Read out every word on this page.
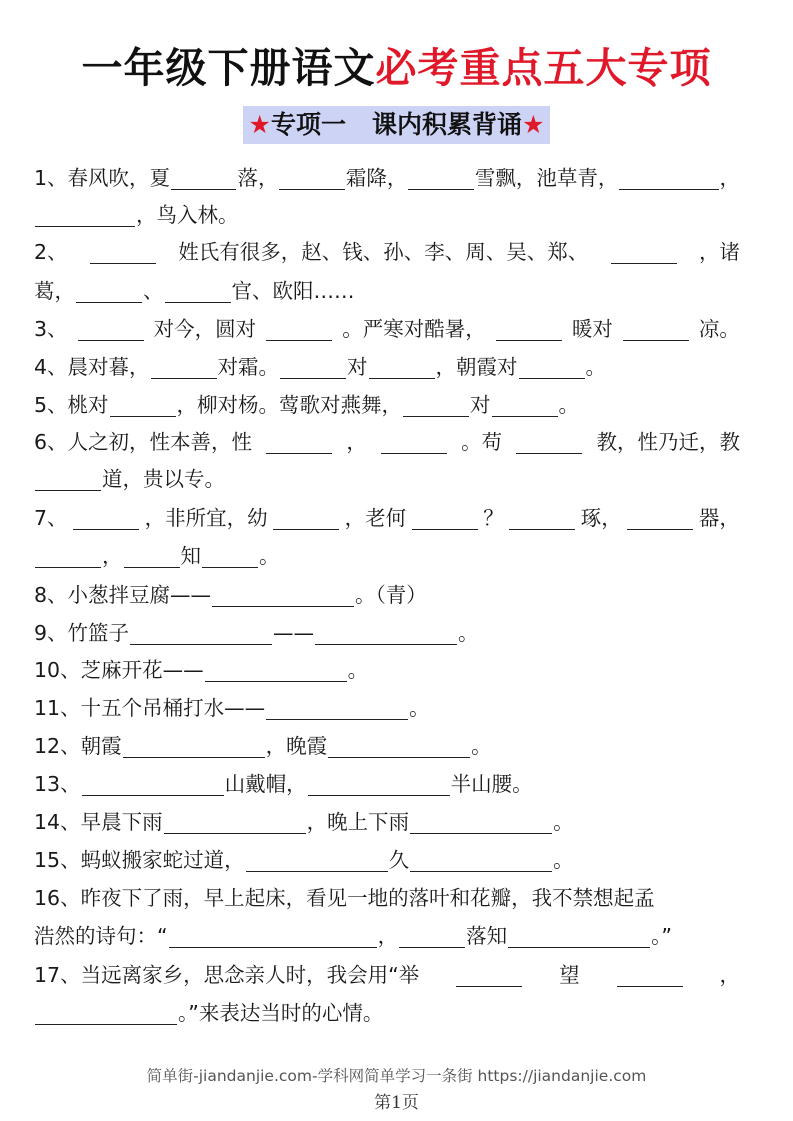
一年级下册语文必考重点五大专项
★专项一   课内积累背诵★
1、春风吹，夏	落，	霜降，	雪飘，池草青，	，
，鸟入林。
2、	姓氏有很多，赵、钱、孙、李、周、吴、郑、	，诸
葛，	、	官、欧阳……
3、	对今，圆对	。严寒对酷暑，	暖对	凉。
4、晨对暮，	对霜。	对	，朝霞对	。
5、桃对	，柳对杨。莺歌对燕舞，	对	。
6、人之初，性本善，性	，	。苟	教，性乃迁，教
道，贵以专。
7、	，非所宜，幼	，老何	？	琢，	器，
，	知	。
8、小葱拌豆腐——	。（青）
9、竹篮子	——	。
10、芝麻开花——	。
11、十五个吊桶打水——	。
12、朝霞	，晚霞	。
13、	山戴帽，	半山腰。
14、早晨下雨	，晚上下雨	。
15、蚂蚁搬家蛇过道，	久	。
16、昨夜下了雨，早上起床，看见一地的落叶和花瓣，我不禁想起孟
浩然的诗句：“	，	落知	。”
17、当远离家乡，思念亲人时，我会用“举	望	，
。”来表达当时的心情。
简单街-jiandanjie.com-学科网简单学习一条街 https://jiandanjie.com
第1页
